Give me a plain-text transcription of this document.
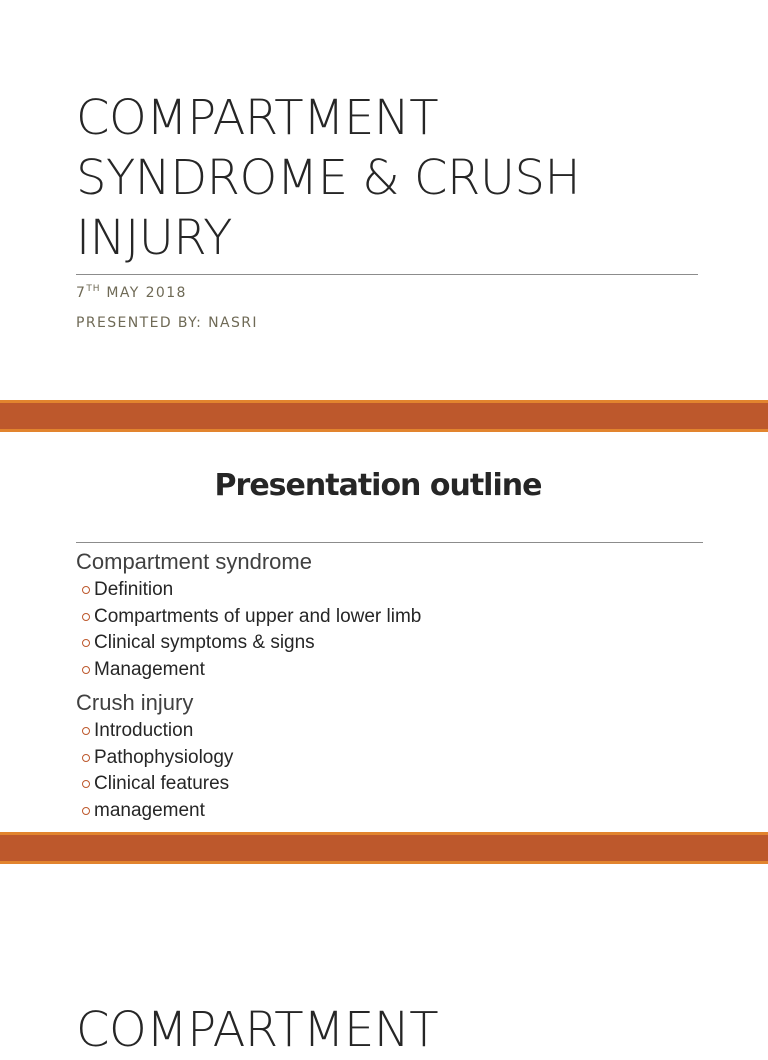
COMPARTMENT
SYNDROME & CRUSH
INJURY
7TH MAY 2018
PRESENTED BY: NASRI
Presentation outline

Compartment syndrome

Definition
Compartments of upper and lower limb
Clinical symptoms & signs
Management

Crush injury

Introduction
Pathophysiology
Clinical features
management
COMPARTMENT
